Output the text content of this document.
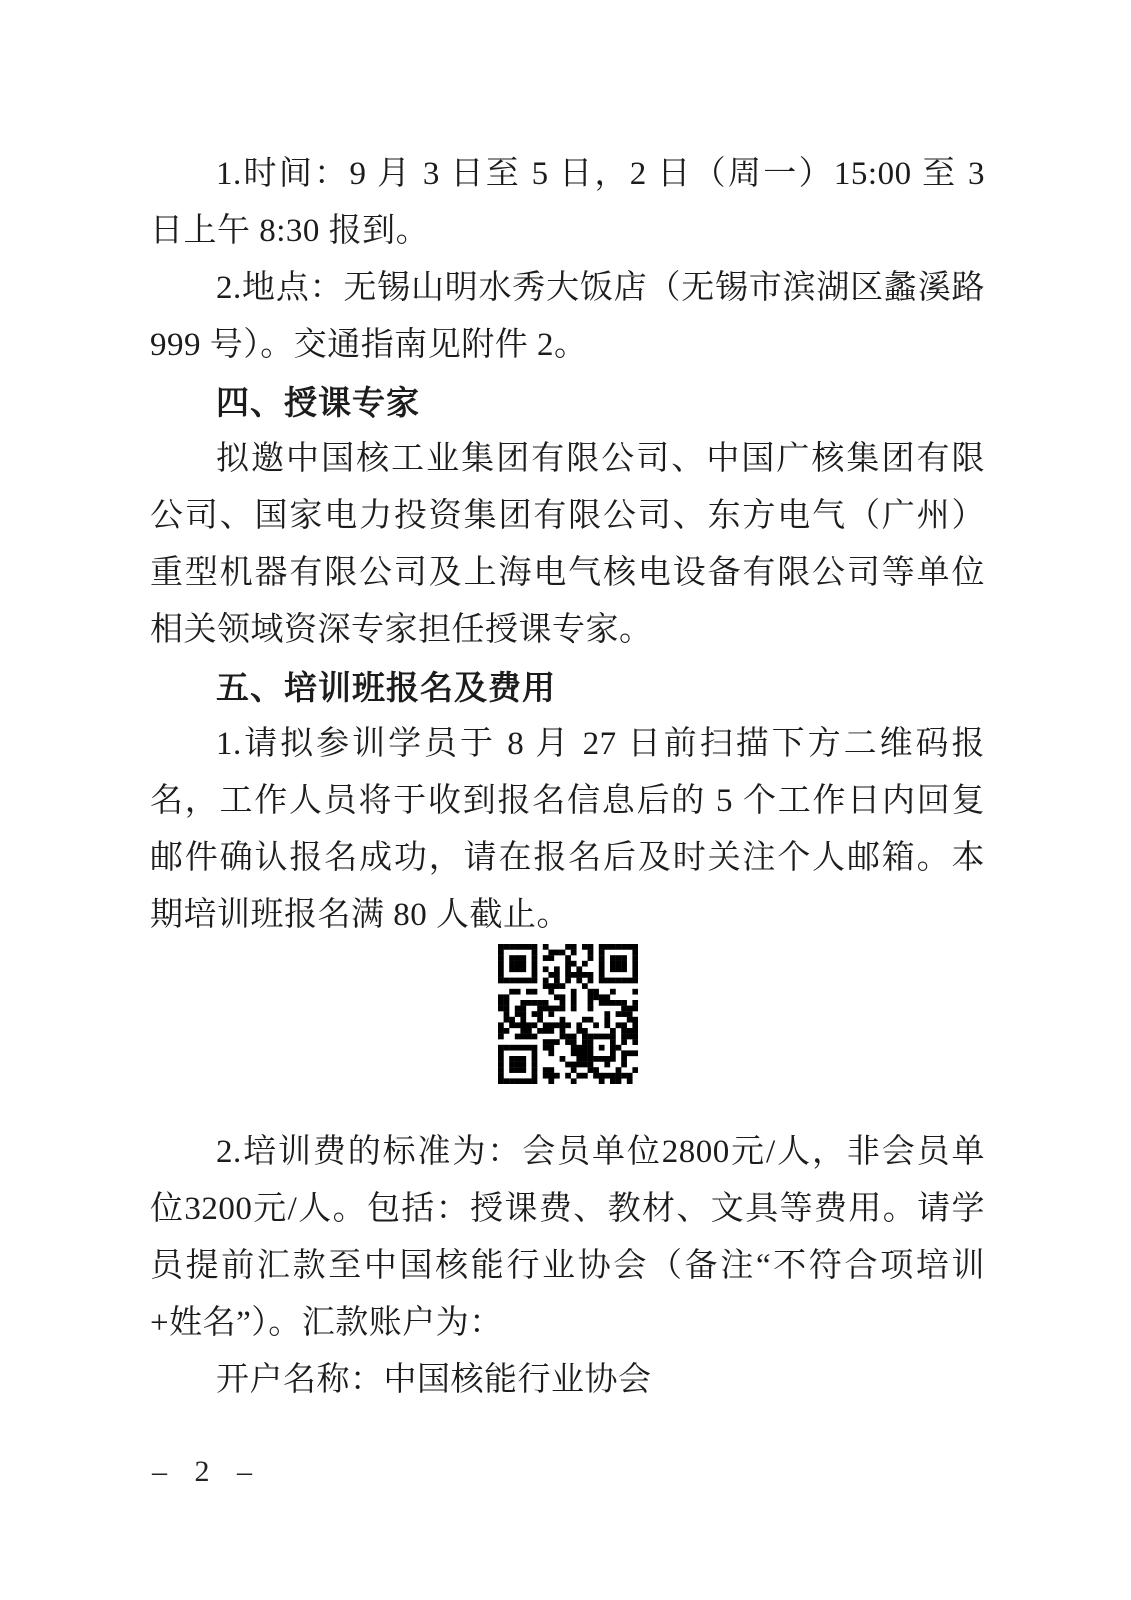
1.时间：9 月 3 日至 5 日，2 日（周一）15:00 至 3 日上午 8:30 报到。

2.地点：无锡山明水秀大饭店（无锡市滨湖区蠡溪路 999 号）。交通指南见附件 2。

四、授课专家

拟邀中国核工业集团有限公司、中国广核集团有限公司、国家电力投资集团有限公司、东方电气（广州）重型机器有限公司及上海电气核电设备有限公司等单位相关领域资深专家担任授课专家。

五、培训班报名及费用

1.请拟参训学员于 8 月 27 日前扫描下方二维码报名，工作人员将于收到报名信息后的 5 个工作日内回复邮件确认报名成功，请在报名后及时关注个人邮箱。本期培训班报名满 80 人截止。

2.培训费的标准为：会员单位2800元/人，非会员单位3200元/人。包括：授课费、教材、文具等费用。请学员提前汇款至中国核能行业协会（备注“不符合项培训+姓名”）。汇款账户为：

开户名称：中国核能行业协会

– 2 –
